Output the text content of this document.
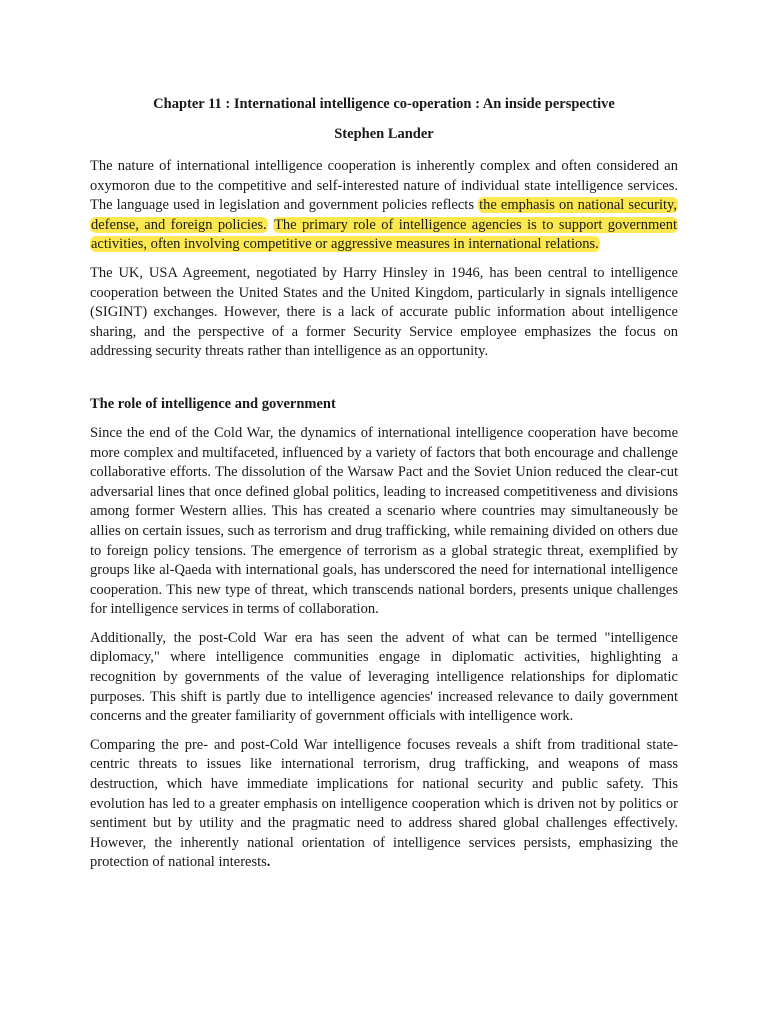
Chapter 11 : International intelligence co-operation : An inside perspective
Stephen Lander

The nature of international intelligence cooperation is inherently complex and often considered an oxymoron due to the competitive and self-interested nature of individual state intelligence services. The language used in legislation and government policies reflects the emphasis on national security, defense, and foreign policies. The primary role of intelligence agencies is to support government activities, often involving competitive or aggressive measures in international relations.

The UK, USA Agreement, negotiated by Harry Hinsley in 1946, has been central to intelligence cooperation between the United States and the United Kingdom, particularly in signals intelligence (SIGINT) exchanges. However, there is a lack of accurate public information about intelligence sharing, and the perspective of a former Security Service employee emphasizes the focus on addressing security threats rather than intelligence as an opportunity.

The role of intelligence and government

Since the end of the Cold War, the dynamics of international intelligence cooperation have become more complex and multifaceted, influenced by a variety of factors that both encourage and challenge collaborative efforts. The dissolution of the Warsaw Pact and the Soviet Union reduced the clear-cut adversarial lines that once defined global politics, leading to increased competitiveness and divisions among former Western allies. This has created a scenario where countries may simultaneously be allies on certain issues, such as terrorism and drug trafficking, while remaining divided on others due to foreign policy tensions. The emergence of terrorism as a global strategic threat, exemplified by groups like al-Qaeda with international goals, has underscored the need for international intelligence cooperation. This new type of threat, which transcends national borders, presents unique challenges for intelligence services in terms of collaboration.

Additionally, the post-Cold War era has seen the advent of what can be termed "intelligence diplomacy," where intelligence communities engage in diplomatic activities, highlighting a recognition by governments of the value of leveraging intelligence relationships for diplomatic purposes. This shift is partly due to intelligence agencies' increased relevance to daily government concerns and the greater familiarity of government officials with intelligence work.

Comparing the pre- and post-Cold War intelligence focuses reveals a shift from traditional state-centric threats to issues like international terrorism, drug trafficking, and weapons of mass destruction, which have immediate implications for national security and public safety. This evolution has led to a greater emphasis on intelligence cooperation which is driven not by politics or sentiment but by utility and the pragmatic need to address shared global challenges effectively. However, the inherently national orientation of intelligence services persists, emphasizing the protection of national interests.
